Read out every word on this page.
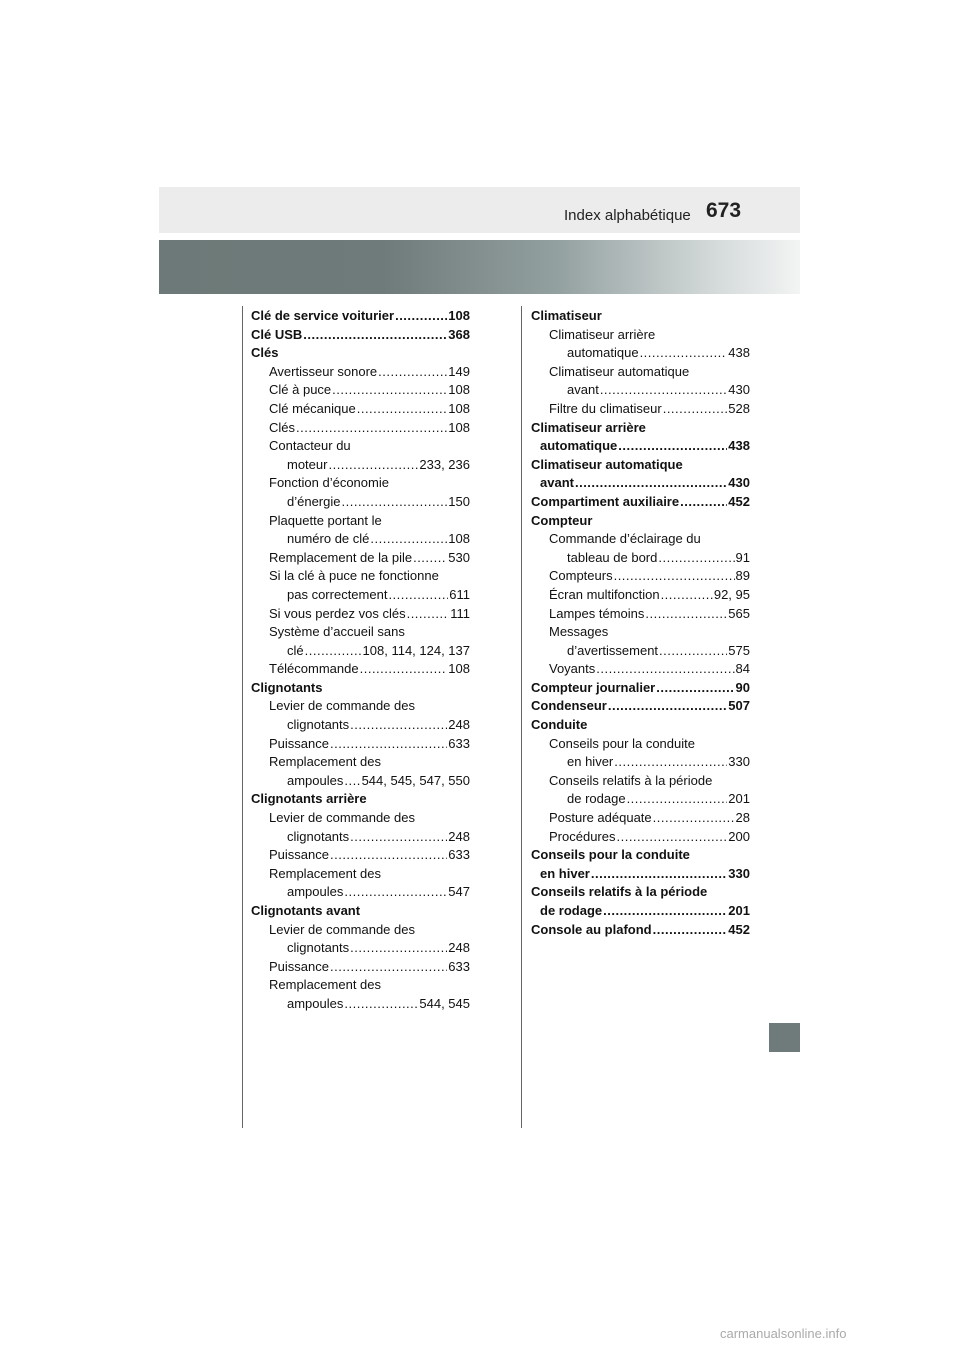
Index alphabétique 673
Clé de service voiturier .....	108
Clé USB .....	368
Clés
Avertisseur sonore .....	149
Clé à puce .....	108
Clé mécanique .....	108
Clés .....	108
Contacteur du
moteur .....	233, 236
Fonction d’économie
d’énergie .....	150
Plaquette portant le
numéro de clé .....	108
Remplacement de la pile .....	530
Si la clé à puce ne fonctionne
pas correctement .....	611
Si vous perdez vos clés .....	111
Système d’accueil sans
clé .....	108, 114, 124, 137
Télécommande .....	108
Clignotants
Levier de commande des
clignotants .....	248
Puissance .....	633
Remplacement des
ampoules ..... 544, 545, 547, 550
Clignotants arrière
Levier de commande des
clignotants .....	248
Puissance .....	633
Remplacement des
ampoules .....	547
Clignotants avant
Levier de commande des
clignotants .....	248
Puissance .....	633
Remplacement des
ampoules .....	544, 545
Climatiseur
Climatiseur arrière
automatique .....	438
Climatiseur automatique
avant .....	430
Filtre du climatiseur .....	528
Climatiseur arrière
automatique .....	438
Climatiseur automatique
avant .....	430
Compartiment auxiliaire .....	452
Compteur
Commande d’éclairage du
tableau de bord .....	91
Compteurs .....	89
Écran multifonction .....	92, 95
Lampes témoins .....	565
Messages
d’avertissement .....	575
Voyants .....	84
Compteur journalier .....	90
Condenseur .....	507
Conduite
Conseils pour la conduite
en hiver .....	330
Conseils relatifs à la période
de rodage .....	201
Posture adéquate .....	28
Procédures .....	200
Conseils pour la conduite
en hiver .....	330
Conseils relatifs à la période
de rodage .....	201
Console au plafond .....	452
carmanualsonline.info
